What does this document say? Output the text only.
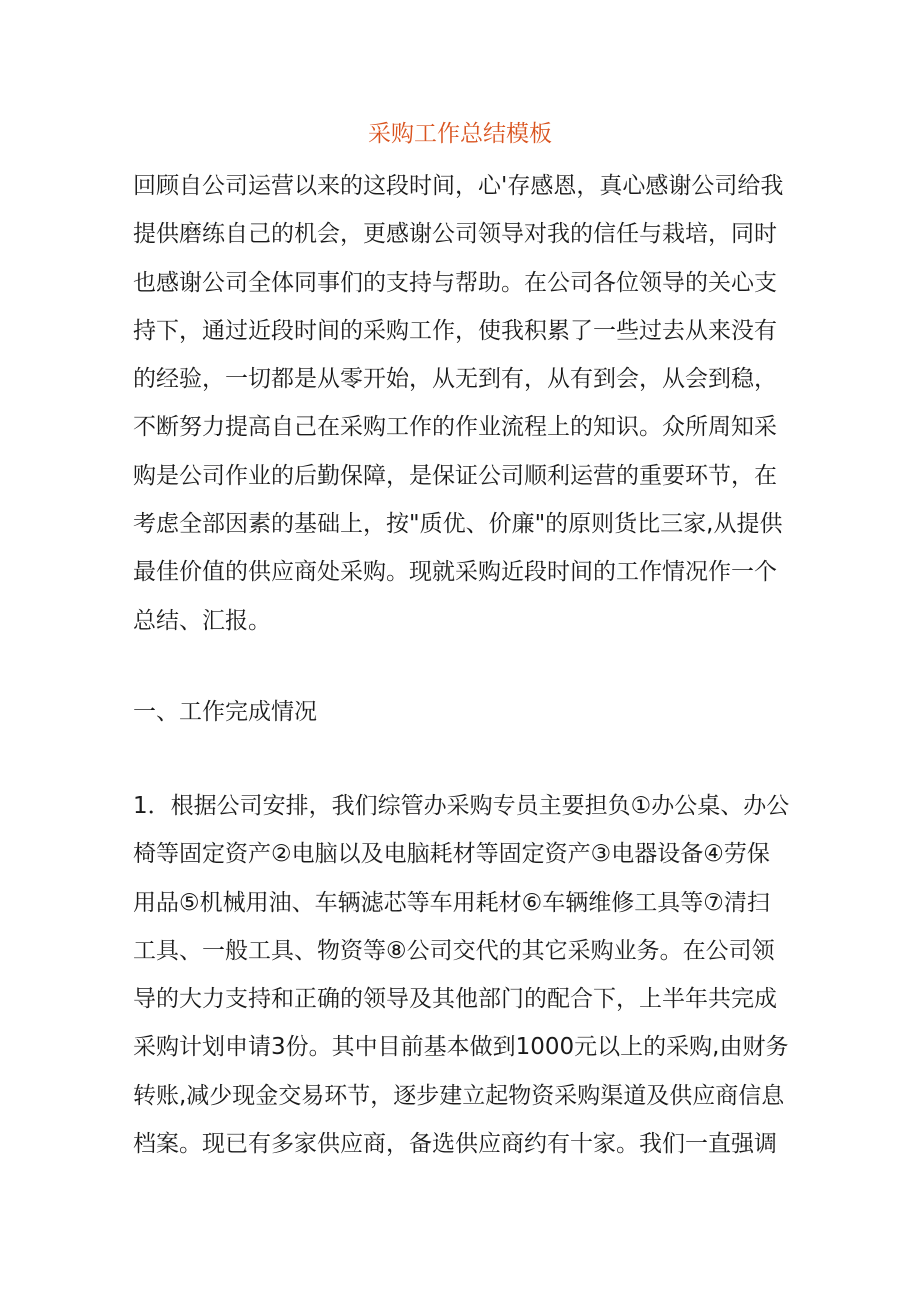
采购工作总结模板
回顾自公司运营以来的这段时间，心'存感恩，真心感谢公司给我
提供磨练自己的机会，更感谢公司领导对我的信任与栽培，同时
也感谢公司全体同事们的支持与帮助。在公司各位领导的关心支
持下，通过近段时间的采购工作，使我积累了一些过去从来没有
的经验，一切都是从零开始，从无到有，从有到会，从会到稳，
不断努力提高自己在采购工作的作业流程上的知识。众所周知采
购是公司作业的后勤保障，是保证公司顺利运营的重要环节，在
考虑全部因素的基础上，按"质优、价廉"的原则货比三家,从提供
最佳价值的供应商处采购。现就采购近段时间的工作情况作一个
总结、汇报。
一、工作完成情况
1．根据公司安排，我们综管办采购专员主要担负①办公桌、办公
椅等固定资产②电脑以及电脑耗材等固定资产③电器设备④劳保
用品⑤机械用油、车辆滤芯等车用耗材⑥车辆维修工具等⑦清扫
工具、一般工具、物资等⑧公司交代的其它采购业务。在公司领
导的大力支持和正确的领导及其他部门的配合下，上半年共完成
采购计划申请3份。其中目前基本做到1000元以上的采购,由财务
转账,减少现金交易环节，逐步建立起物资采购渠道及供应商信息
档案。现已有多家供应商，备选供应商约有十家。我们一直强调
